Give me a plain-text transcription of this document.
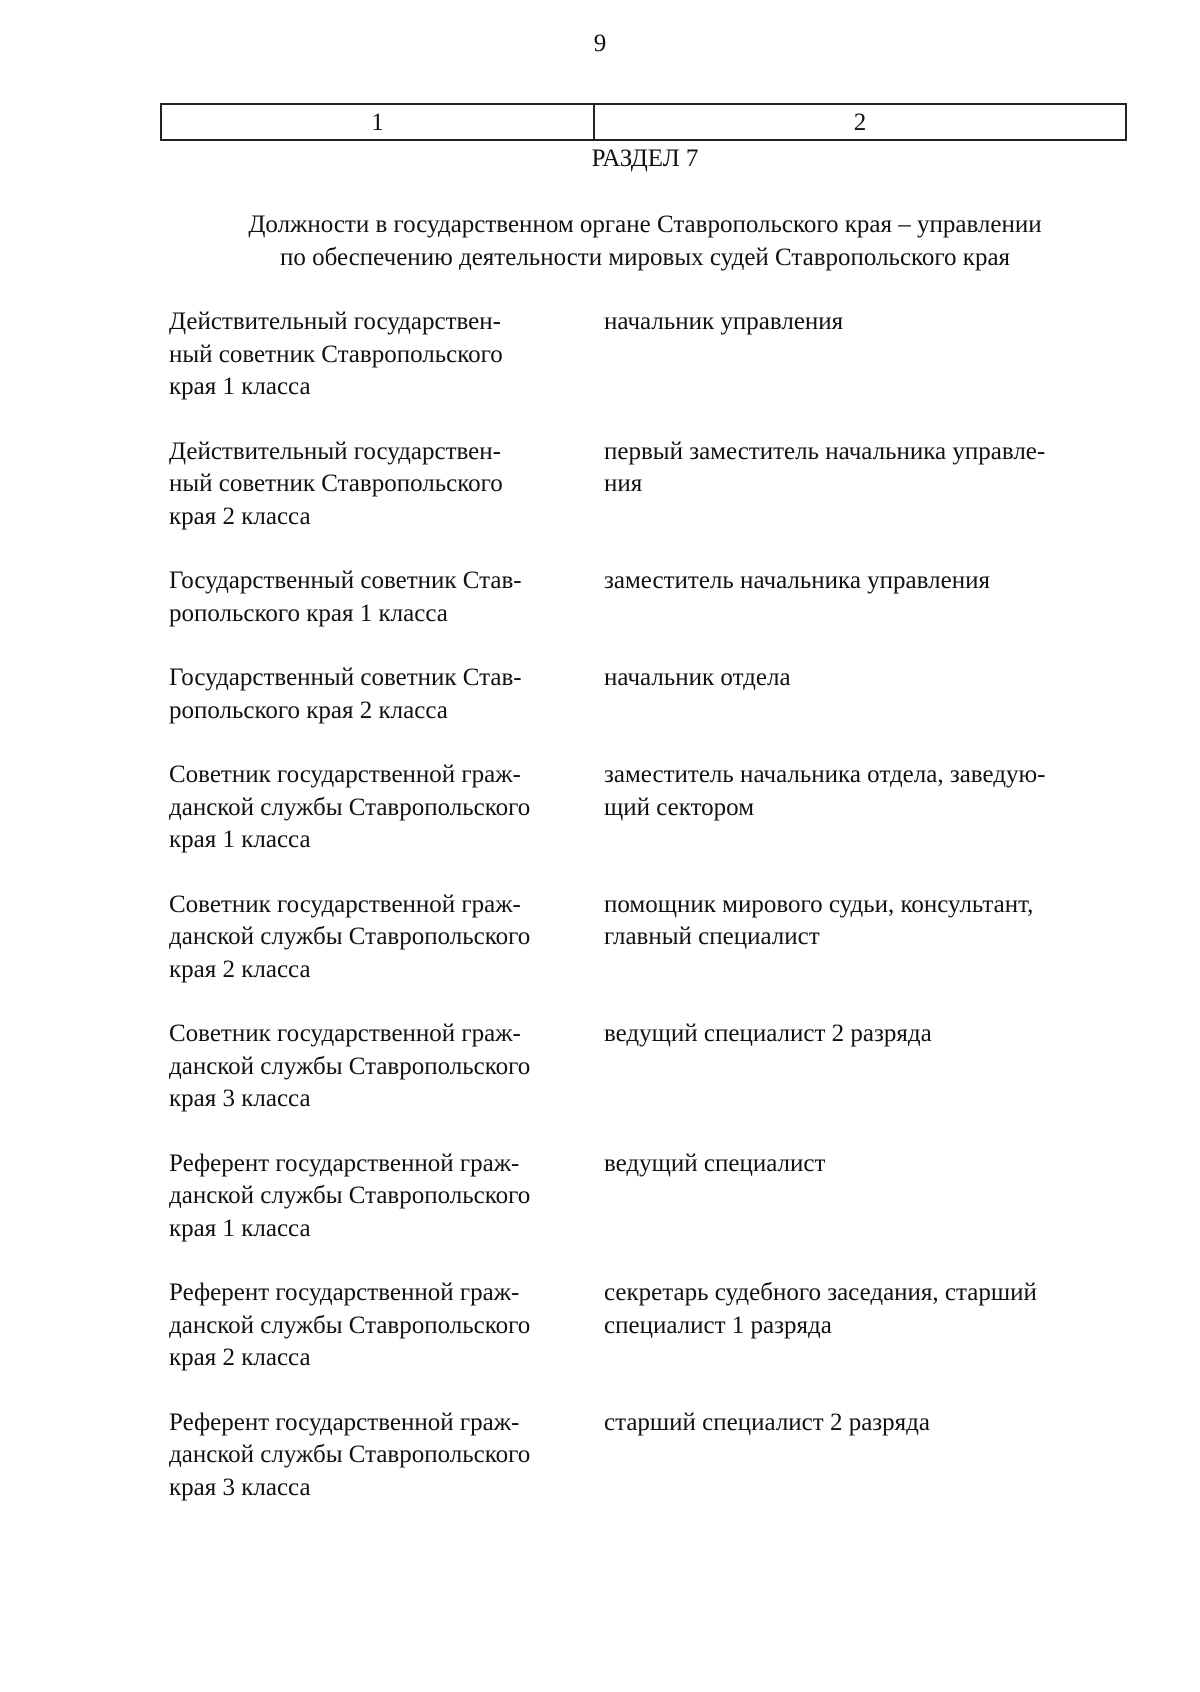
9
1	2
РАЗДЕЛ 7
Должности в государственном органе Ставропольского края – управлении
по обеспечению деятельности мировых судей Ставропольского края
Действительный государствен-
ный советник Ставропольского
края 1 класса
начальник управления
Действительный государствен-
ный советник Ставропольского
края 2 класса
первый заместитель начальника управле-
ния
Государственный советник Став-
ропольского края 1 класса
заместитель начальника управления
Государственный советник Став-
ропольского края 2 класса
начальник отдела
Советник государственной граж-
данской службы Ставропольского
края 1 класса
заместитель начальника отдела, заведую-
щий сектором
Советник государственной граж-
данской службы Ставропольского
края 2 класса
помощник мирового судьи, консультант,
главный специалист
Советник государственной граж-
данской службы Ставропольского
края 3 класса
ведущий специалист 2 разряда
Референт государственной граж-
данской службы Ставропольского
края 1 класса
ведущий специалист
Референт государственной граж-
данской службы Ставропольского
края 2 класса
секретарь судебного заседания, старший
специалист 1 разряда
Референт государственной граж-
данской службы Ставропольского
края 3 класса
старший специалист 2 разряда
